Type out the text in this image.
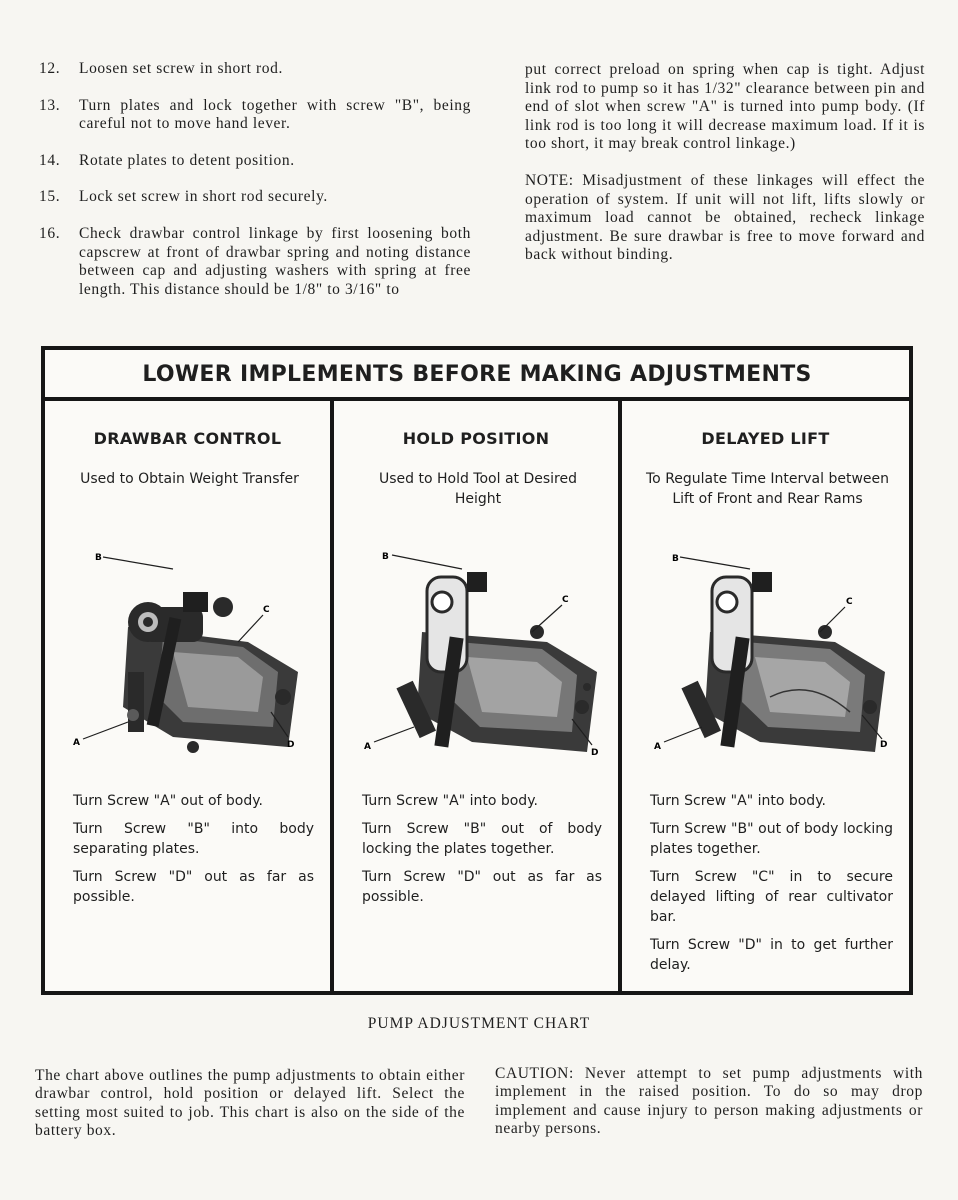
12.	Loosen set screw in short rod.
13.	Turn plates and lock together with screw "B", being careful not to move hand lever.
14.	Rotate plates to detent position.
15.	Lock set screw in short rod securely.
16.	Check drawbar control linkage by first loosening both capscrew at front of drawbar spring and noting distance between cap and adjusting washers with spring at free length. This distance should be 1/8" to 3/16" to

put correct preload on spring when cap is tight. Adjust link rod to pump so it has 1/32" clearance between pin and end of slot when screw "A" is turned into pump body. (If link rod is too long it will decrease maximum load. If it is too short, it may break control linkage.)

NOTE: Misadjustment of these linkages will effect the operation of system. If unit will not lift, lifts slowly or maximum load cannot be obtained, recheck linkage adjustment. Be sure drawbar is free to move forward and back without binding.

LOWER IMPLEMENTS BEFORE MAKING ADJUSTMENTS
DRAWBAR CONTROL
Used to Obtain Weight Transfer
B
C
A	D

Turn Screw "A" out of body.

Turn Screw "B" into body separating plates.

Turn Screw "D" out as far as possible.

HOLD POSITION
Used to Hold Tool at Desired Height
B
C
A
D

Turn Screw "A" into body.

Turn Screw "B" out of body locking the plates together.

Turn Screw "D" out as far as possible.

DELAYED LIFT
To Regulate Time Interval between Lift of Front and Rear Rams
B
C
A	D

Turn Screw "A" into body.

Turn Screw "B" out of body locking plates together.

Turn Screw "C" in to secure delayed lifting of rear cultivator bar.

Turn Screw "D" in to get further delay.

PUMP ADJUSTMENT CHART

The chart above outlines the pump adjustments to obtain either drawbar control, hold position or delayed lift. Select the setting most suited to job. This chart is also on the side of the battery box.

CAUTION: Never attempt to set pump adjustments with implement in the raised position. To do so may drop implement and cause injury to person making adjustments or nearby persons.
